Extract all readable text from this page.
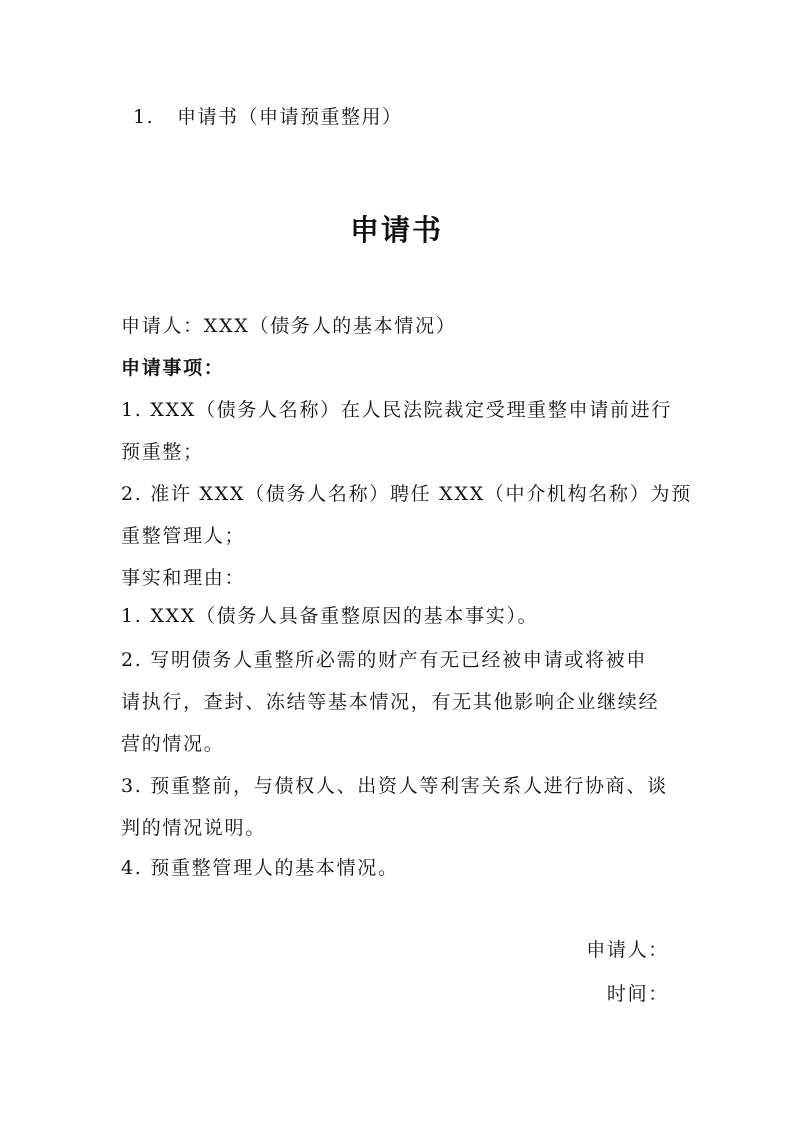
1. 申请书（申请预重整用）
申请书

申请人：XXX（债务人的基本情况）

申请事项：

1. XXX（债务人名称）在人民法院裁定受理重整申请前进行

预重整；

2. 准许 XXX（债务人名称）聘任 XXX（中介机构名称）为预

重整管理人；

事实和理由：

1. XXX（债务人具备重整原因的基本事实）。

2. 写明债务人重整所必需的财产有无已经被申请或将被申

请执行，查封、冻结等基本情况，有无其他影响企业继续经

营的情况。

3. 预重整前，与债权人、出资人等利害关系人进行协商、谈

判的情况说明。

4. 预重整管理人的基本情况。

申请人：
时间：
